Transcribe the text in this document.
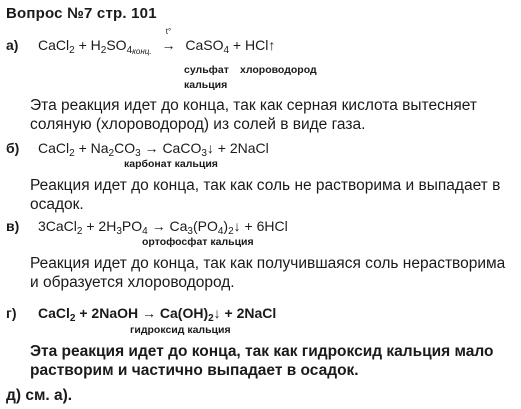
Вопрос №7 стр. 101
а) CaCl$_2$ + $H_2SO_{4конц.}$
t°
→ CaSO$_4$ + HCl↑
сульфат хлороводород
кальция
Эта реакция идет до конца, так как серная кислота вытесняет соляную (хлороводород) из солей в виде газа.
б) CaCl$_2$ + $Na_2CO_3$ → CaCO$_3$↓ + 2NaCl
карбонат кальция
Реакция идет до конца, так как соль не растворима и выпадает в осадок.
в) 3CaCl$_2$ + $2H_3PO_4$ → $Ca_3(PO_4)_2↓ + 6HCl$
ортофосфат кальция
Реакция идет до конца, так как получившаяся соль нерастворима и образуется хлороводород.
г) CaCl$_2$ + 2NaOH → $Ca(OH)_2↓$ + 2NaCl
гидроксид кальция
Эта реакция идет до конца, так как гидроксид кальция мало растворим и частично выпадает в осадок.
д) см. а).
